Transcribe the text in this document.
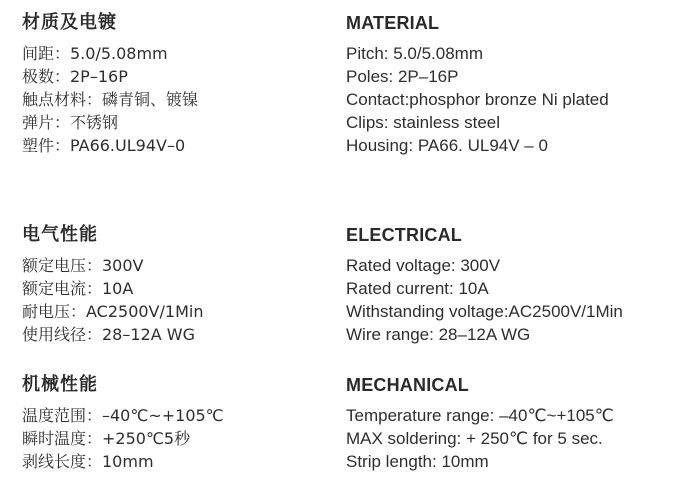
材质及电镀
间距：5.0/5.08mm
极数：2P–16P
触点材料：磷青铜、镀镍
弹片：不锈钢
塑件：PA66.UL94V–0
电气性能
额定电压：300V
额定电流：10A
耐电压：AC2500V/1Min
使用线径：28–12A WG
机械性能
温度范围：–40℃~+105℃
瞬时温度：+250℃5秒
剥线长度：10mm
MATERIAL
Pitch: 5.0/5.08mm
Poles: 2P–16P
Contact:phosphor bronze Ni plated
Clips: stainless steel
Housing: PA66. UL94V – 0
ELECTRICAL
Rated voltage: 300V
Rated current: 10A
Withstanding voltage:AC2500V/1Min
Wire range: 28–12A WG
MECHANICAL
Temperature range: –40℃~+105℃
MAX soldering: + 250℃ for 5 sec.
Strip length: 10mm
